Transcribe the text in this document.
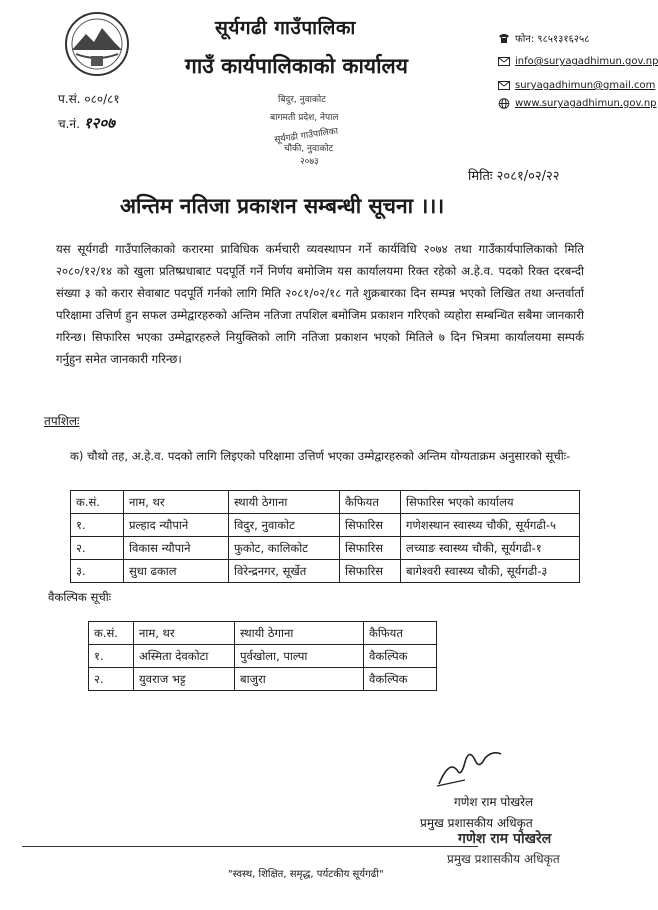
सूर्यगढी गाउँपालिका
गाउँ कार्यपालिकाको कार्यालय
प.सं. ०८०/८१
च.नं. १२०७
बिदुर, नुवाकोट
बागमती प्रदेश, नेपाल
सूर्यगढी गाउँपालिका
चौकी, नुवाकोट
२०७३
फोन: ९८५१३१६२५८
info@suryagadhimun.gov.np
suryagadhimun@gmail.com
www.suryagadhimun.gov.np
मितिः २०८१/०२/२२
अन्तिम नतिजा प्रकाशन सम्बन्धी सूचना ।।।
यस सूर्यगढी गाउँपालिकाको करारमा प्राविधिक कर्मचारी व्यवस्थापन गर्ने कार्यविधि २०७४ तथा गाउँकार्यपालिकाको मिति २०८०/१२/१४ को खुला प्रतिष्प्रधाबाट पदपूर्ति गर्ने निर्णय बमोजिम यस कार्यालयमा रिक्त रहेको अ.हे.व. पदको रिक्त दरबन्दी संख्या ३ को करार सेवाबाट पदपूर्ति गर्नको लागि मिति २०८१/०२/१८ गते शुक्रबारका दिन सम्पन्न भएको लिखित तथा अन्तर्वार्ता परिक्षामा उत्तिर्ण हुन सफल उम्मेद्वारहरुको अन्तिम नतिजा तपशिल बमोजिम प्रकाशन गरिएको व्यहोरा सम्बन्धित सबैमा जानकारी गरिन्छ। सिफारिस भएका उम्मेद्वारहरुले नियुक्तिको लागि नतिजा प्रकाशन भएको मितिले ७ दिन भित्रमा कार्यालयमा सम्पर्क गर्नुहुन समेत जानकारी गरिन्छ।
तपशिलः
क) चौथो तह, अ.हे.व. पदको लागि लिइएको परिक्षामा उत्तिर्ण भएका उम्मेद्वारहरुको अन्तिम योग्यताक्रम अनुसारको सूचीः-
क.सं.	नाम, थर	स्थायी ठेगाना	कैफियत	सिफारिस भएको कार्यालय
१.	प्रल्हाद न्यौपाने	विदुर, नुवाकोट	सिफारिस	गणेशस्थान स्वास्थ्य चौकी, सूर्यगढी-५
२.	विकास न्यौपाने	फुकोट, कालिकोट	सिफारिस	लच्याङ स्वास्थ्य चौकी, सूर्यगढी-१
३.	सुधा ढकाल	विरेन्द्रनगर, सूर्खेत	सिफारिस	बागेश्वरी स्वास्थ्य चौकी, सूर्यगढी-३
वैकल्पिक सूचीः
क.सं.	नाम, थर	स्थायी ठेगाना	कैफियत
१.	अस्मिता देवकोटा	पुर्वखोला, पाल्पा	वैकल्पिक
२.	युवराज भट्ट	बाजुरा	वैकल्पिक
गणेश राम पोखरेल
प्रमुख प्रशासकीय अधिकृत
गणेश राम पोखरेल
प्रमुख प्रशासकीय अधिकृत
"स्वस्थ, शिक्षित, समृद्ध, पर्यटकीय सूर्यगढी"
